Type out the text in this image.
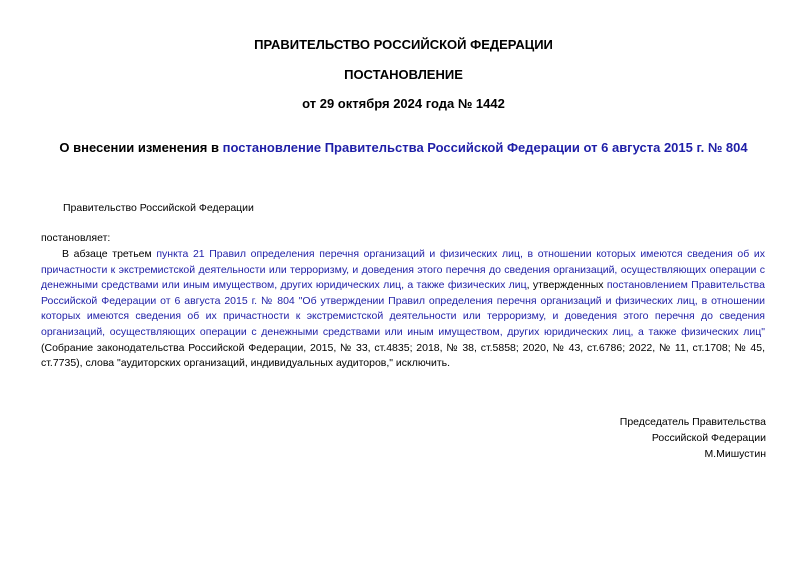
ПРАВИТЕЛЬСТВО РОССИЙСКОЙ ФЕДЕРАЦИИ
ПОСТАНОВЛЕНИЕ
от 29 октября 2024 года № 1442
О внесении изменения в постановление Правительства Российской Федерации от 6 августа 2015 г. № 804
Правительство Российской Федерации
постановляет:
В абзаце третьем пункта 21 Правил определения перечня организаций и физических лиц, в отношении которых имеются сведения об их причастности к экстремистской деятельности или терроризму, и доведения этого перечня до сведения организаций, осуществляющих операции с денежными средствами или иным имуществом, других юридических лиц, а также физических лиц, утвержденных постановлением Правительства Российской Федерации от 6 августа 2015 г. № 804 "Об утверждении Правил определения перечня организаций и физических лиц, в отношении которых имеются сведения об их причастности к экстремистской деятельности или терроризму, и доведения этого перечня до сведения организаций, осуществляющих операции с денежными средствами или иным имуществом, других юридических лиц, а также физических лиц" (Собрание законодательства Российской Федерации, 2015, № 33, ст.4835; 2018, № 38, ст.5858; 2020, № 43, ст.6786; 2022, № 11, ст.1708; № 45, ст.7735), слова "аудиторских организаций, индивидуальных аудиторов," исключить.
Председатель Правительства
Российской Федерации
М.Мишустин
